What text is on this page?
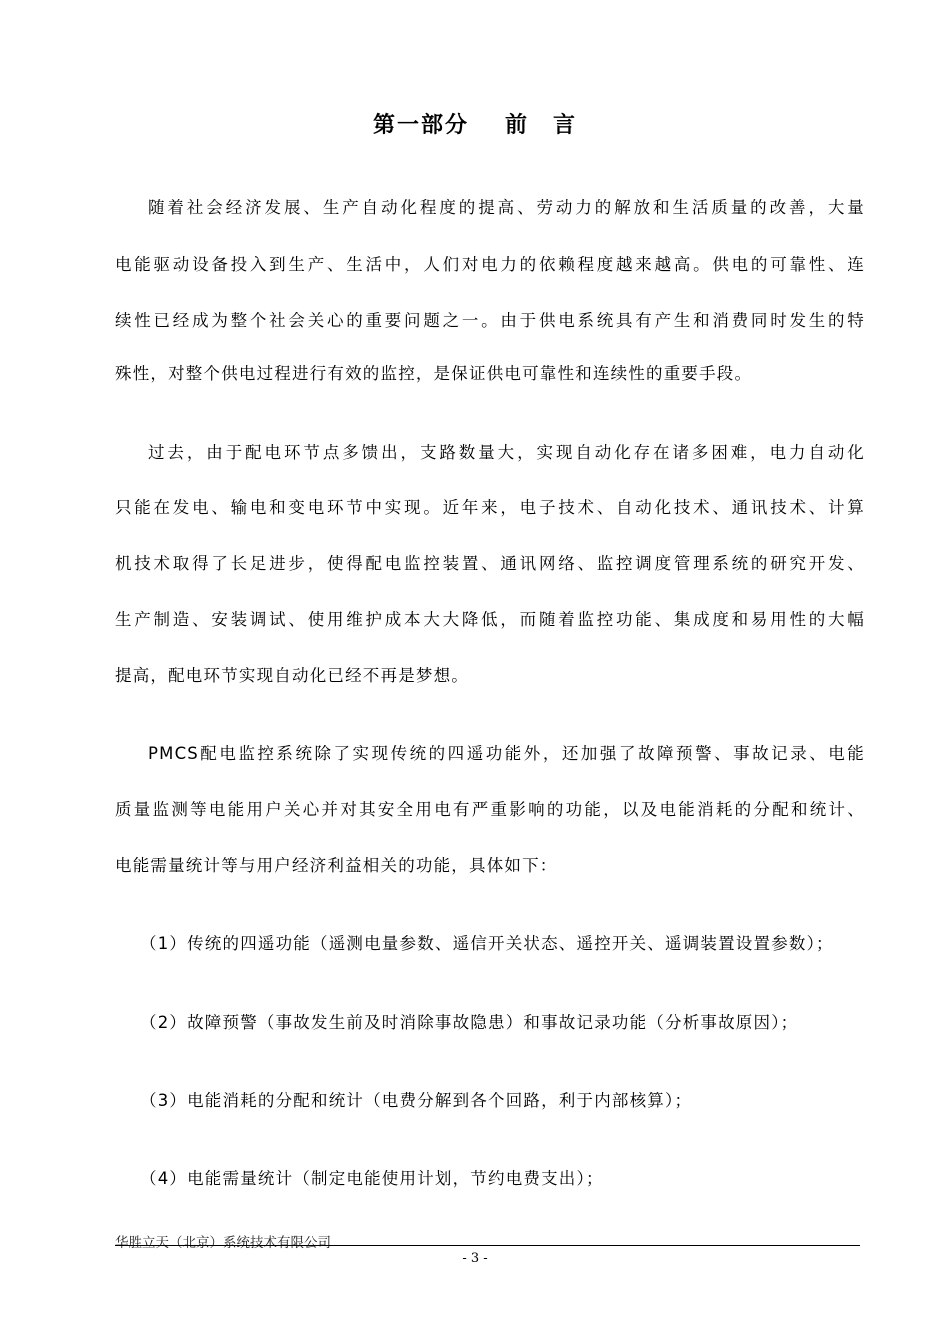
第一部分 前　言
随着社会经济发展、生产自动化程度的提高、劳动力的解放和生活质量的改善，大量
电能驱动设备投入到生产、生活中，人们对电力的依赖程度越来越高。供电的可靠性、连
续性已经成为整个社会关心的重要问题之一。由于供电系统具有产生和消费同时发生的特
殊性，对整个供电过程进行有效的监控，是保证供电可靠性和连续性的重要手段。
过去，由于配电环节点多馈出，支路数量大，实现自动化存在诸多困难，电力自动化
只能在发电、输电和变电环节中实现。近年来，电子技术、自动化技术、通讯技术、计算
机技术取得了长足进步，使得配电监控装置、通讯网络、监控调度管理系统的研究开发、
生产制造、安装调试、使用维护成本大大降低，而随着监控功能、集成度和易用性的大幅
提高，配电环节实现自动化已经不再是梦想。
PMCS配电监控系统除了实现传统的四遥功能外，还加强了故障预警、事故记录、电能
质量监测等电能用户关心并对其安全用电有严重影响的功能，以及电能消耗的分配和统计、
电能需量统计等与用户经济利益相关的功能，具体如下：
（1）传统的四遥功能（遥测电量参数、遥信开关状态、遥控开关、遥调装置设置参数）；
（2）故障预警（事故发生前及时消除事故隐患）和事故记录功能（分析事故原因）；
（3）电能消耗的分配和统计（电费分解到各个回路，利于内部核算）；
（4）电能需量统计（制定电能使用计划，节约电费支出）；
华胜立天（北京）系统技术有限公司
- 3 -
